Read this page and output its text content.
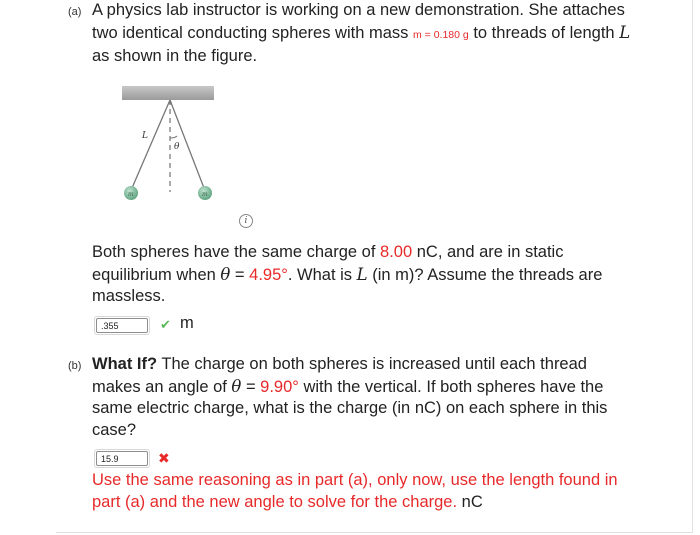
(a) A physics lab instructor is working on a new demonstration. She attaches
two identical conducting spheres with mass m = 0.180 g to threads of length L
as shown in the figure.
L
θ
m	m
i
Both spheres have the same charge of 8.00 nC, and are in static
equilibrium when θ = 4.95°. What is L (in m)? Assume the threads are
massless.
.355	✔ m
(b) What If? The charge on both spheres is increased until each thread
makes an angle of θ = 9.90° with the vertical. If both spheres have the
same electric charge, what is the charge (in nC) on each sphere in this
case?
15.9	✖
Use the same reasoning as in part (a), only now, use the length found in
part (a) and the new angle to solve for the charge. nC
